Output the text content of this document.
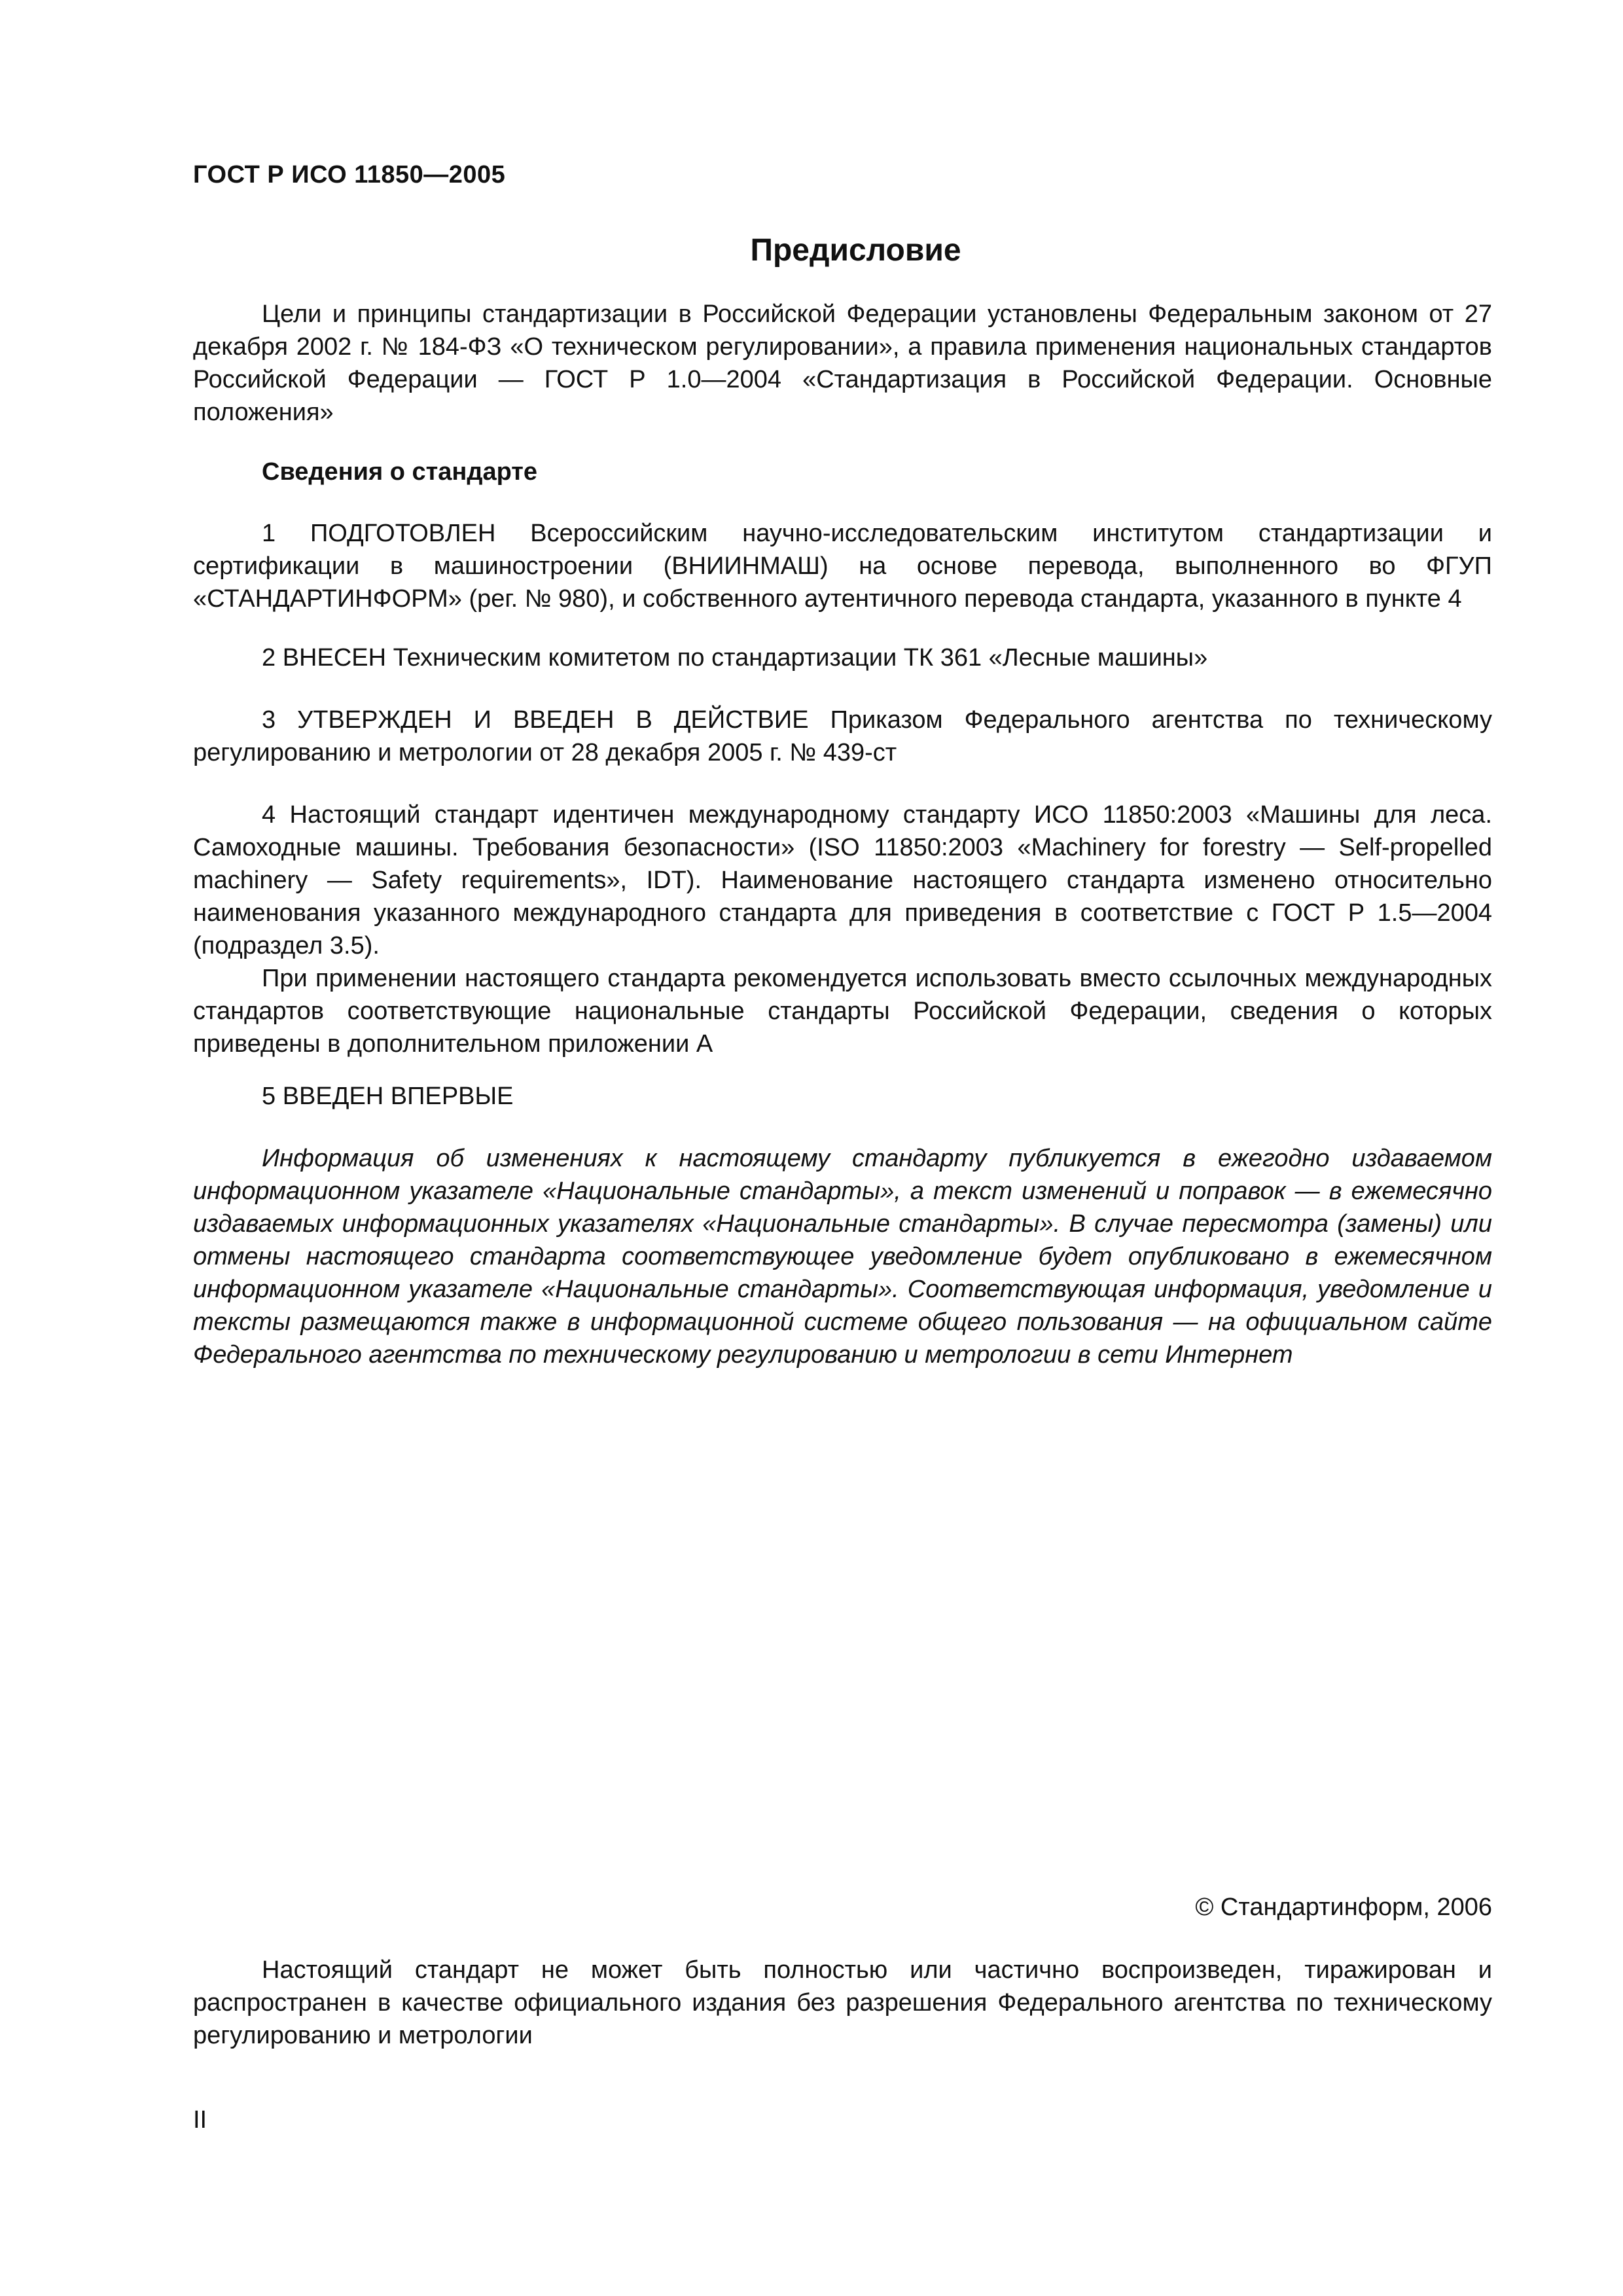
ГОСТ Р ИСО 11850—2005
Предисловие

Цели и принципы стандартизации в Российской Федерации установлены Федеральным законом от 27 декабря 2002 г. № 184-ФЗ «О техническом регулировании», а правила применения национальных стандартов Российской Федерации — ГОСТ Р 1.0—2004 «Стандартизация в Российской Федерации. Основные положения»

Сведения о стандарте

1 ПОДГОТОВЛЕН Всероссийским научно-исследовательским институтом стандартизации и сертификации в машиностроении (ВНИИНМАШ) на основе перевода, выполненного во ФГУП «СТАНДАРТИНФОРМ» (рег. № 980), и собственного аутентичного перевода стандарта, указанного в пункте 4

2 ВНЕСЕН Техническим комитетом по стандартизации ТК 361 «Лесные машины»

3 УТВЕРЖДЕН И ВВЕДЕН В ДЕЙСТВИЕ Приказом Федерального агентства по техническому регулированию и метрологии от 28 декабря 2005 г. № 439-ст

4 Настоящий стандарт идентичен международному стандарту ИСО 11850:2003 «Машины для леса. Самоходные машины. Требования безопасности» (ISO 11850:2003 «Machinery for forestry — Self-propelled machinery — Safety requirements», IDT). Наименование настоящего стандарта изменено относительно наименования указанного международного стандарта для приведения в соответствие с ГОСТ Р 1.5—2004 (подраздел 3.5).

При применении настоящего стандарта рекомендуется использовать вместо ссылочных международных стандартов соответствующие национальные стандарты Российской Федерации, сведения о которых приведены в дополнительном приложении А

5 ВВЕДЕН ВПЕРВЫЕ

Информация об изменениях к настоящему стандарту публикуется в ежегодно издаваемом информационном указателе «Национальные стандарты», а текст изменений и поправок — в ежемесячно издаваемых информационных указателях «Национальные стандарты». В случае пересмотра (замены) или отмены настоящего стандарта соответствующее уведомление будет опубликовано в ежемесячном информационном указателе «Национальные стандарты». Соответствующая информация, уведомление и тексты размещаются также в информационной системе общего пользования — на официальном сайте Федерального агентства по техническому регулированию и метрологии в сети Интернет

© Стандартинформ, 2006

Настоящий стандарт не может быть полностью или частично воспроизведен, тиражирован и распространен в качестве официального издания без разрешения Федерального агентства по техническому регулированию и метрологии

II
